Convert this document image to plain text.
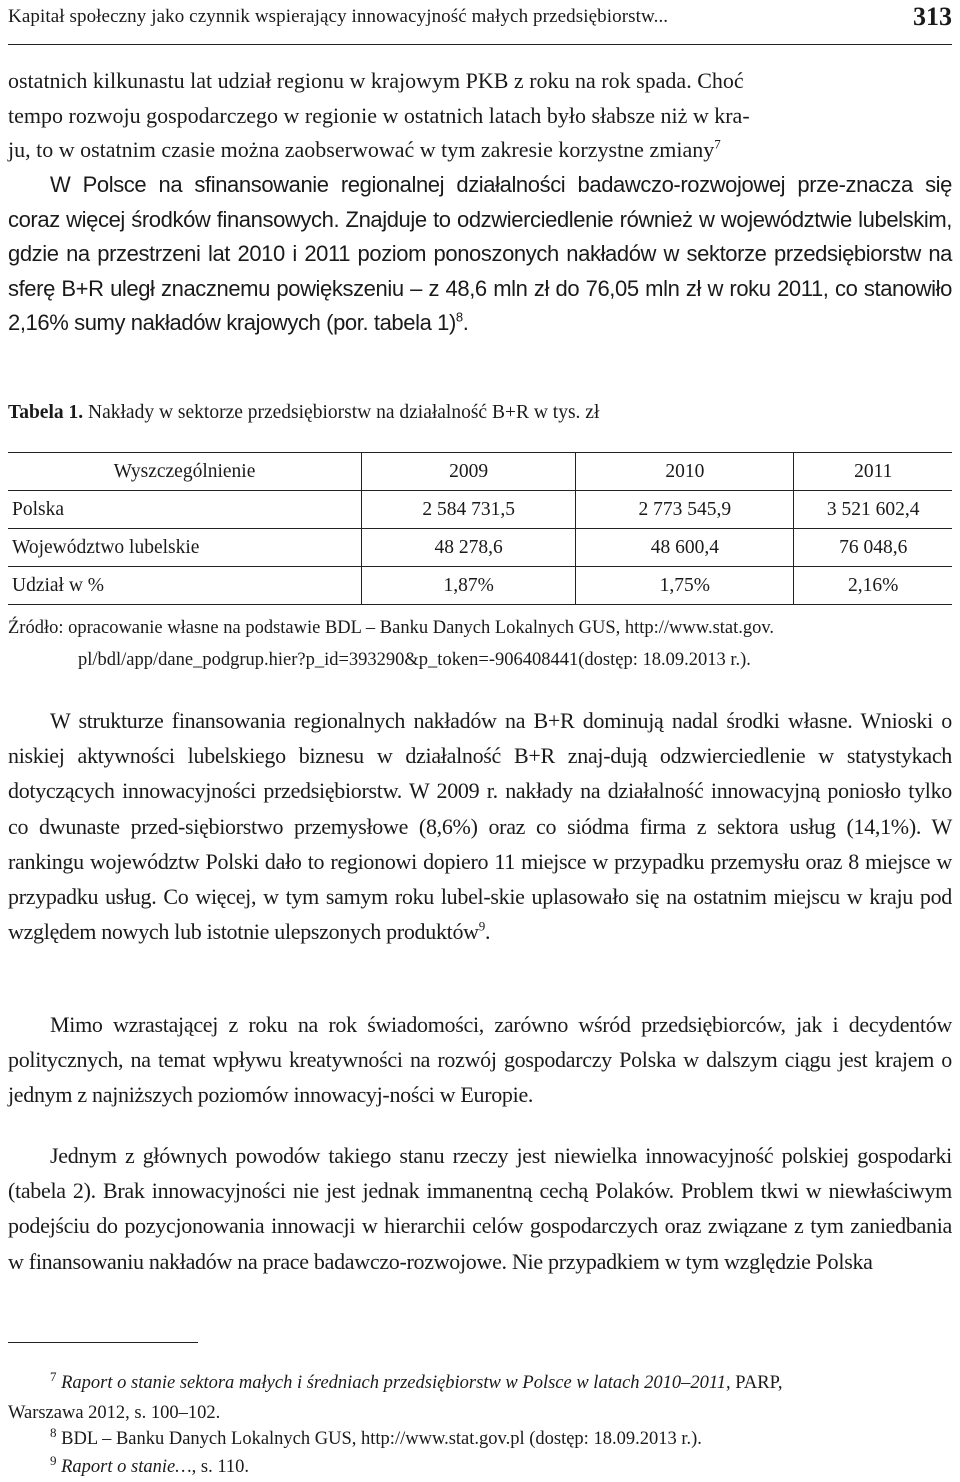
Kapitał społeczny jako czynnik wspierający innowacyjność małych przedsiębiorstw...	313

ostatnich kilkunastu lat udział regionu w krajowym PKB z roku na rok spada. Choć
tempo rozwoju gospodarczego w regionie w ostatnich latach było słabsze niż w kra-
ju, to w ostatnim czasie można zaobserwować w tym zakresie korzystne zmiany$^7$

W Polsce na sfinansowanie regionalnej działalności badawczo-rozwojowej prze-znacza się coraz więcej środków finansowych. Znajduje to odzwierciedlenie również w województwie lubelskim, gdzie na przestrzeni lat 2010 i 2011 poziom ponoszonych nakładów w sektorze przedsiębiorstw na sferę B+R uległ znacznemu powiększeniu – z 48,6 mln zł do 76,05 mln zł w roku 2011, co stanowiło 2,16% sumy nakładów krajowych (por. tabela 1)$^8$.

Tabela 1. Nakłady w sektorze przedsiębiorstw na działalność B+R w tys. zł
Wyszczególnienie	2009	2010	2011
Polska	2 584 731,5	2 773 545,9	3 521 602,4
Województwo lubelskie	48 278,6	48 600,4	76 048,6
Udział w %	1,87%	1,75%	2,16%
Źródło: opracowanie własne na podstawie BDL – Banku Danych Lokalnych GUS, http://www.stat.gov.
pl/bdl/app/dane_podgrup.hier?p_id=393290&p_token=-906408441(dostęp: 18.09.2013 r.).

W strukturze finansowania regionalnych nakładów na B+R dominują nadal środki własne. Wnioski o niskiej aktywności lubelskiego biznesu w działalność B+R znaj-dują odzwierciedlenie w statystykach dotyczących innowacyjności przedsiębiorstw. W 2009 r. nakłady na działalność innowacyjną poniosło tylko co dwunaste przed-siębiorstwo przemysłowe (8,6%) oraz co siódma firma z sektora usług (14,1%). W rankingu województw Polski dało to regionowi dopiero 11 miejsce w przypadku przemysłu oraz 8 miejsce w przypadku usług. Co więcej, w tym samym roku lubel-skie uplasowało się na ostatnim miejscu w kraju pod względem nowych lub istotnie ulepszonych produktów$^9$.

Mimo wzrastającej z roku na rok świadomości, zarówno wśród przedsiębiorców, jak i decydentów politycznych, na temat wpływu kreatywności na rozwój gospodarczy Polska w dalszym ciągu jest krajem o jednym z najniższych poziomów innowacyj-ności w Europie.

Jednym z głównych powodów takiego stanu rzeczy jest niewielka innowacyjność polskiej gospodarki (tabela 2). Brak innowacyjności nie jest jednak immanentną cechą Polaków. Problem tkwi w niewłaściwym podejściu do pozycjonowania innowacji w hierarchii celów gospodarczych oraz związane z tym zaniedbania w finansowaniu nakładów na prace badawczo-rozwojowe. Nie przypadkiem w tym względzie Polska

$^7$ Raport o stanie sektora małych i średniach przedsiębiorstw w Polsce w latach 2010–2011, PARP,
Warszawa 2012, s. 100–102.
$^8$ BDL – Banku Danych Lokalnych GUS, http://www.stat.gov.pl (dostęp: 18.09.2013 r.).
$^9$ Raport o stanie…, s. 110.
